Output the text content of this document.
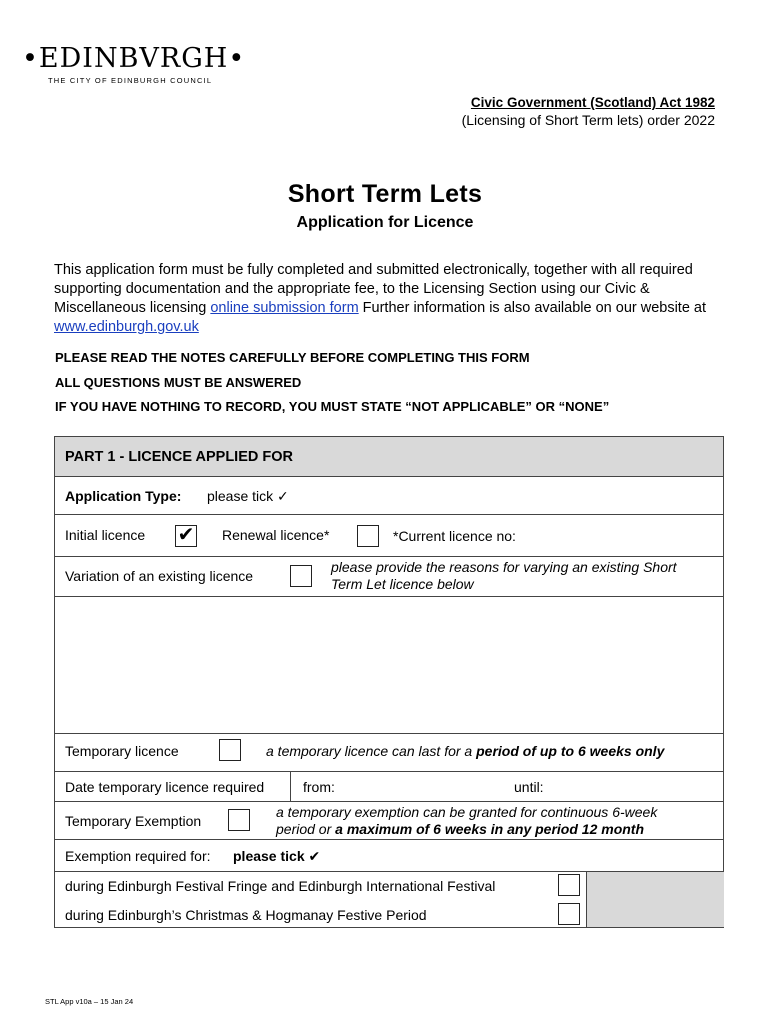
•EDINBVRGH•
THE CITY OF EDINBURGH COUNCIL
Civic Government (Scotland) Act 1982
(Licensing of Short Term lets) order 2022
Short Term Lets
Application for Licence
This application form must be fully completed and submitted electronically, together with all required supporting documentation and the appropriate fee, to the Licensing Section using our Civic & Miscellaneous licensing online submission form Further information is also available on our website at www.edinburgh.gov.uk
PLEASE READ THE NOTES CAREFULLY BEFORE COMPLETING THIS FORM
ALL QUESTIONS MUST BE ANSWERED
IF YOU HAVE NOTHING TO RECORD, YOU MUST STATE “NOT APPLICABLE” OR “NONE”
PART 1 - LICENCE APPLIED FOR
Application Type: please tick ✓
Initial licence ✔ Renewal licence*	*Current licence no:
Variation of an existing licence
please provide the reasons for varying an existing Short
Term Let licence below
Temporary licence	a temporary licence can last for a period of up to 6 weeks only
Date temporary licence required	from:	until:
Temporary Exemption
a temporary exemption can be granted for continuous 6-week
period or a maximum of 6 weeks in any period 12 month
Exemption required for: please tick ✔
during Edinburgh Festival Fringe and Edinburgh International Festival
during Edinburgh’s Christmas & Hogmanay Festive Period
STL App v10a – 15 Jan 24
